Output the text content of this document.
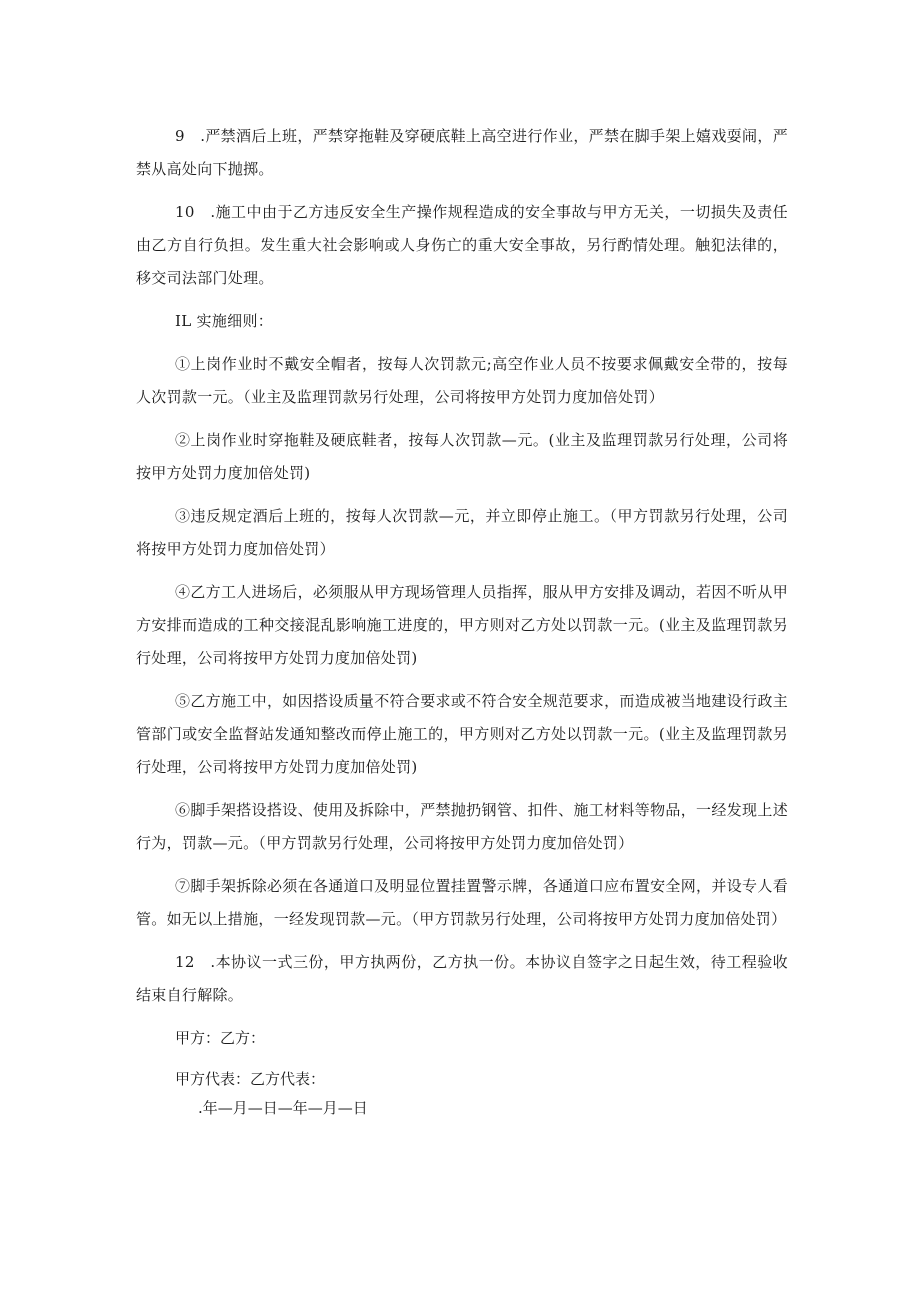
9　.严禁酒后上班，严禁穿拖鞋及穿硬底鞋上高空进行作业，严禁在脚手架上嬉戏耍闹，严禁从高处向下抛掷。

10　.施工中由于乙方违反安全生产操作规程造成的安全事故与甲方无关，一切损失及责任由乙方自行负担。发生重大社会影响或人身伤亡的重大安全事故，另行酌情处理。触犯法律的，移交司法部门处理。

IL 实施细则：

①上岗作业时不戴安全帽者，按每人次罚款元;高空作业人员不按要求佩戴安全带的，按每人次罚款一元。（业主及监理罚款另行处理，公司将按甲方处罚力度加倍处罚）

②上岗作业时穿拖鞋及硬底鞋者，按每人次罚款—元。(业主及监理罚款另行处理，公司将按甲方处罚力度加倍处罚)

③违反规定酒后上班的，按每人次罚款—元，并立即停止施工。（甲方罚款另行处理，公司将按甲方处罚力度加倍处罚）

④乙方工人进场后，必须服从甲方现场管理人员指挥，服从甲方安排及调动，若因不听从甲方安排而造成的工种交接混乱影响施工进度的，甲方则对乙方处以罚款一元。(业主及监理罚款另行处理，公司将按甲方处罚力度加倍处罚)

⑤乙方施工中，如因搭设质量不符合要求或不符合安全规范要求，而造成被当地建设行政主管部门或安全监督站发通知整改而停止施工的，甲方则对乙方处以罚款一元。(业主及监理罚款另行处理，公司将按甲方处罚力度加倍处罚)

⑥脚手架搭设搭设、使用及拆除中，严禁抛扔钢管、扣件、施工材料等物品，一经发现上述行为，罚款—元。（甲方罚款另行处理，公司将按甲方处罚力度加倍处罚）

⑦脚手架拆除必须在各通道口及明显位置挂置警示牌，各通道口应布置安全网，并设专人看管。如无以上措施，一经发现罚款—元。（甲方罚款另行处理，公司将按甲方处罚力度加倍处罚）

12　.本协议一式三份，甲方执两份，乙方执一份。本协议自签字之日起生效，待工程验收结束自行解除。

甲方：乙方：

甲方代表：乙方代表：

.年—月—日—年—月—日
